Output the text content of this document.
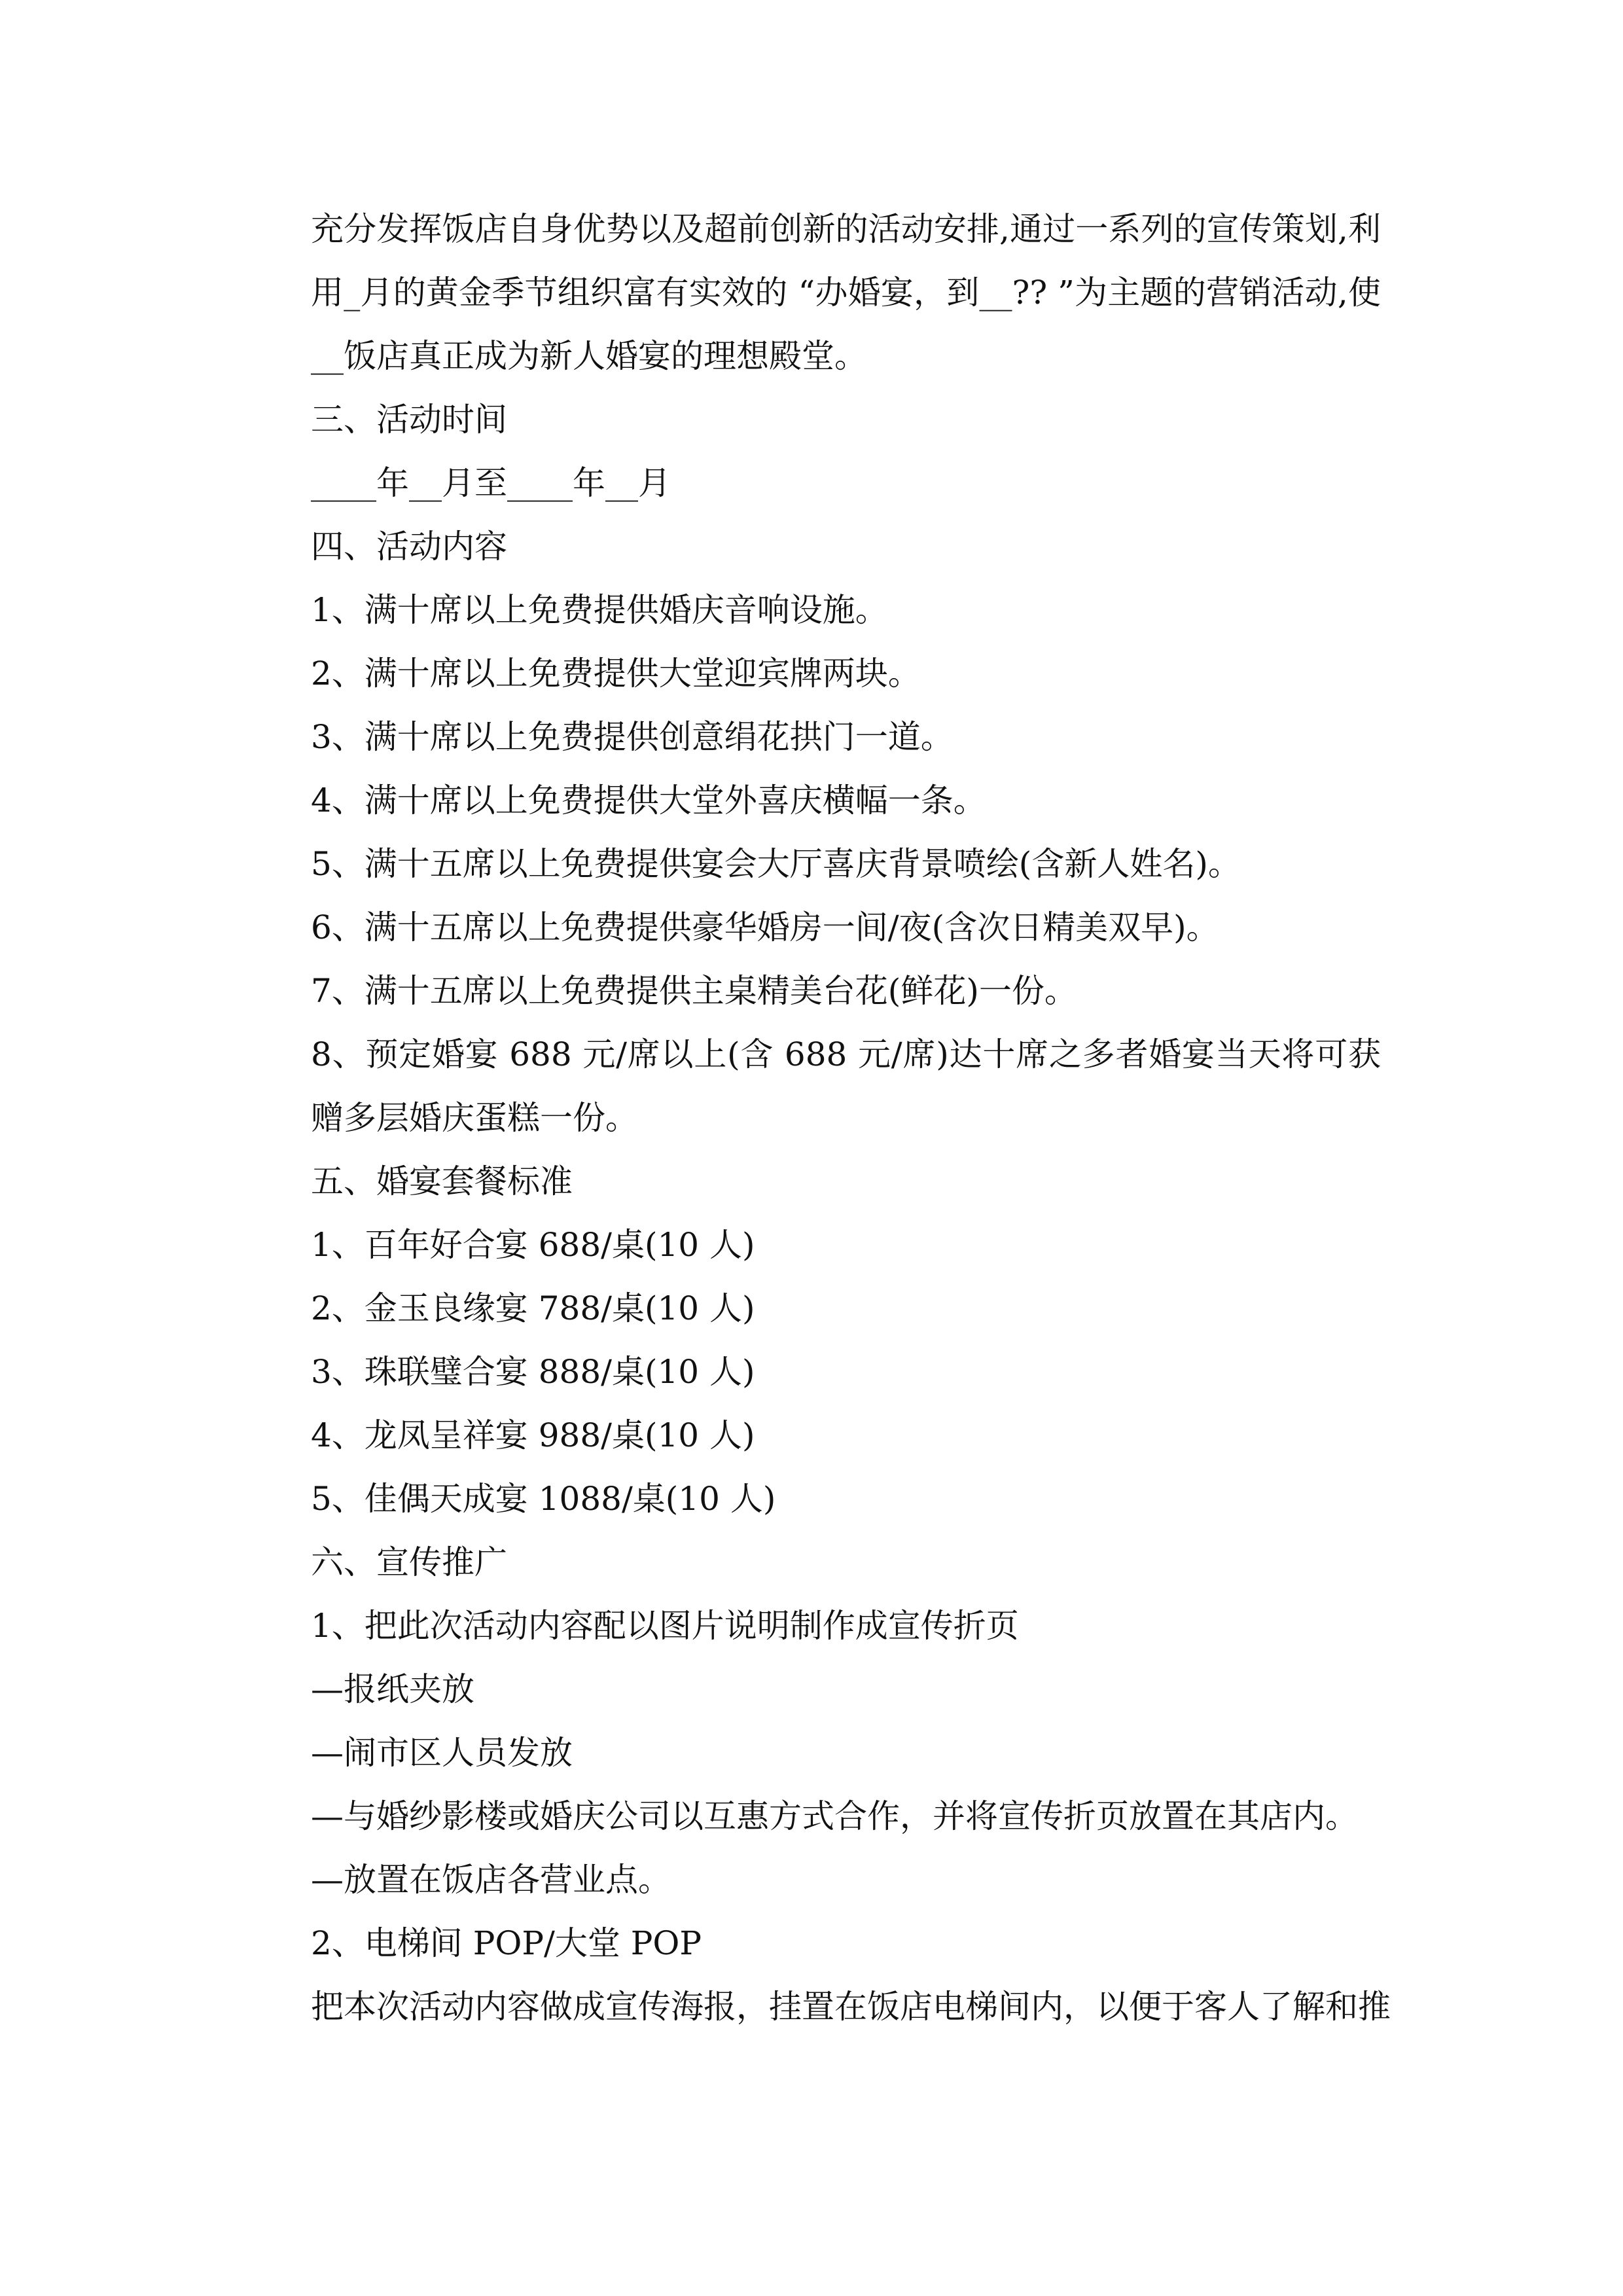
充分发挥饭店自身优势以及超前创新的活动安排,通过一系列的宣传策划,利用_月的黄金季节组织富有实效的 “办婚宴，到__?? ”为主题的营销活动,使__饭店真正成为新人婚宴的理想殿堂。

三、活动时间

____年__月至____年__月

四、活动内容

1、满十席以上免费提供婚庆音响设施。

2、满十席以上免费提供大堂迎宾牌两块。

3、满十席以上免费提供创意绢花拱门一道。

4、满十席以上免费提供大堂外喜庆横幅一条。

5、满十五席以上免费提供宴会大厅喜庆背景喷绘(含新人姓名)。

6、满十五席以上免费提供豪华婚房一间/夜(含次日精美双早)。

7、满十五席以上免费提供主桌精美台花(鲜花)一份。

8、预定婚宴 688 元/席以上(含 688 元/席)达十席之多者婚宴当天将可获赠多层婚庆蛋糕一份。

五、婚宴套餐标准

1、百年好合宴 688/桌(10 人)

2、金玉良缘宴 788/桌(10 人)

3、珠联璧合宴 888/桌(10 人)

4、龙凤呈祥宴 988/桌(10 人)

5、佳偶天成宴 1088/桌(10 人)

六、宣传推广

1、把此次活动内容配以图片说明制作成宣传折页

—报纸夹放

—闹市区人员发放

—与婚纱影楼或婚庆公司以互惠方式合作，并将宣传折页放置在其店内。

—放置在饭店各营业点。

2、电梯间 POP/大堂 POP

把本次活动内容做成宣传海报，挂置在饭店电梯间内，以便于客人了解和推
